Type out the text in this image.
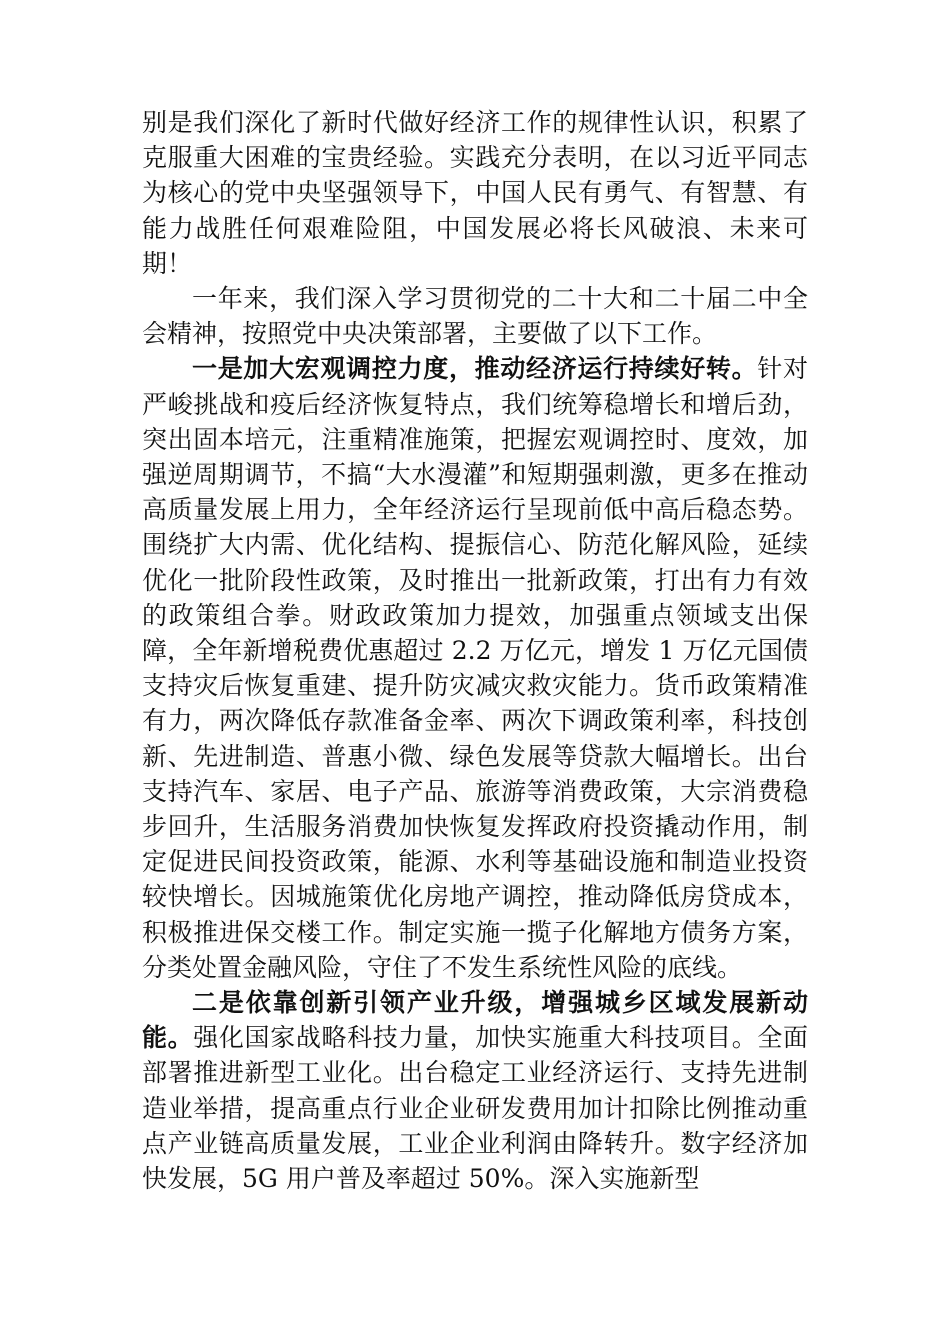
别是我们深化了新时代做好经济工作的规律性认识，积累了克服重大困难的宝贵经验。实践充分表明，在以习近平同志为核心的党中央坚强领导下，中国人民有勇气、有智慧、有能力战胜任何艰难险阻，中国发展必将长风破浪、未来可期！

一年来，我们深入学习贯彻党的二十大和二十届二中全会精神，按照党中央决策部署，主要做了以下工作。

一是加大宏观调控力度，推动经济运行持续好转。针对严峻挑战和疫后经济恢复特点，我们统筹稳增长和增后劲，突出固本培元，注重精准施策，把握宏观调控时、度效，加强逆周期调节，不搞“大水漫灌”和短期强刺激，更多在推动高质量发展上用力，全年经济运行呈现前低中高后稳态势。围绕扩大内需、优化结构、提振信心、防范化解风险，延续优化一批阶段性政策，及时推出一批新政策，打出有力有效的政策组合拳。财政政策加力提效，加强重点领域支出保障，全年新增税费优惠超过 2.2 万亿元，增发 1 万亿元国债支持灾后恢复重建、提升防灾减灾救灾能力。货币政策精准有力，两次降低存款准备金率、两次下调政策利率，科技创新、先进制造、普惠小微、绿色发展等贷款大幅增长。出台支持汽车、家居、电子产品、旅游等消费政策，大宗消费稳步回升，生活服务消费加快恢复发挥政府投资撬动作用，制定促进民间投资政策，能源、水利等基础设施和制造业投资较快增长。因城施策优化房地产调控，推动降低房贷成本，积极推进保交楼工作。制定实施一揽子化解地方债务方案，分类处置金融风险，守住了不发生系统性风险的底线。

二是依靠创新引领产业升级，增强城乡区域发展新动能。强化国家战略科技力量，加快实施重大科技项目。全面部署推进新型工业化。出台稳定工业经济运行、支持先进制造业举措，提高重点行业企业研发费用加计扣除比例推动重点产业链高质量发展，工业企业利润由降转升。数字经济加快发展，5G 用户普及率超过 50%。深入实施新型
